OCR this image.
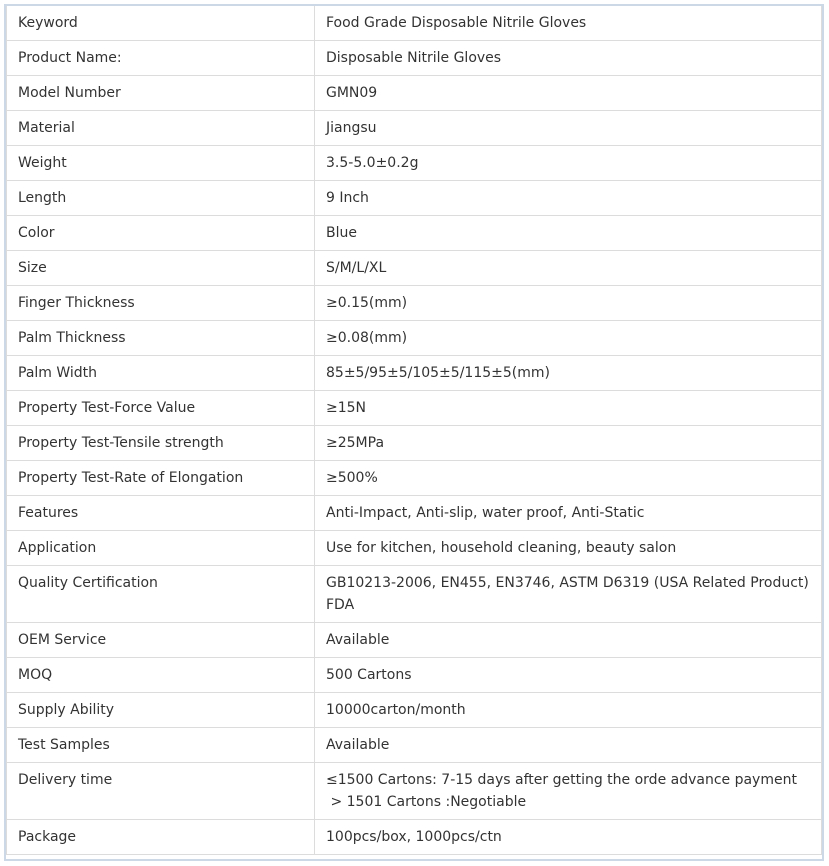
Keyword	Food Grade Disposable Nitrile Gloves

Product Name:	Disposable Nitrile Gloves

Model Number	GMN09

Material	Jiangsu

Weight	3.5-5.0±0.2g

Length	9 Inch

Color	Blue

Size	S/M/L/XL

Finger Thickness	≥0.15(mm)

Palm Thickness	≥0.08(mm)

Palm Width	85±5/95±5/105±5/115±5(mm)

Property Test-Force Value	≥15N

Property Test-Tensile strength	≥25MPa

Property Test-Rate of Elongation	≥500%

Features	Anti-Impact, Anti-slip, water proof, Anti-Static

Application	Use for kitchen, household cleaning, beauty salon

Quality Certification	GB10213-2006, EN455, EN3746, ASTM D6319 (USA Related Product)
FDA

OEM Service	Available

MOQ	500 Cartons

Supply Ability	10000carton/month

Test Samples	Available

Delivery time	≤1500 Cartons: 7-15 days after getting the orde advance payment
> 1501 Cartons :Negotiable

Package	100pcs/box, 1000pcs/ctn
